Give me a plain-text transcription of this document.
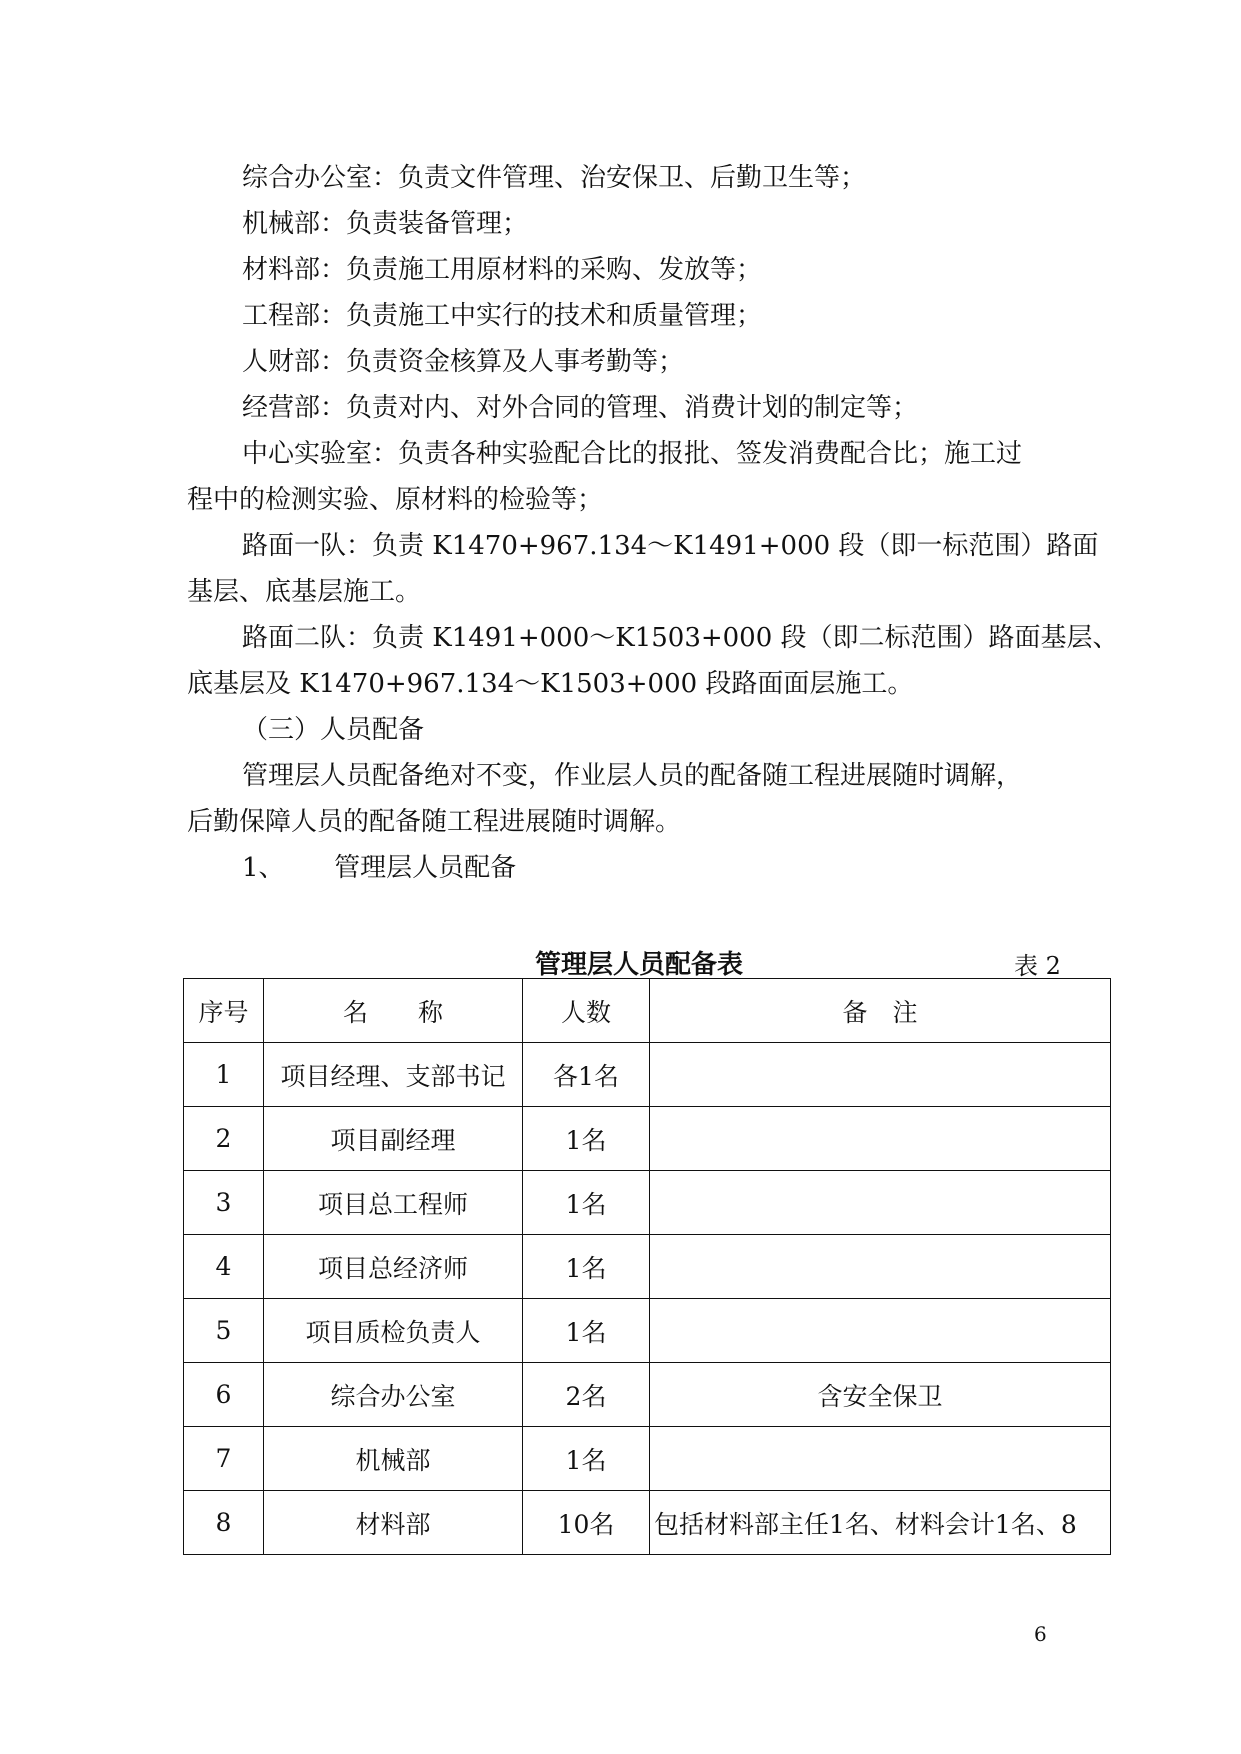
综合办公室：负责文件管理、治安保卫、后勤卫生等；
机械部：负责装备管理；
材料部：负责施工用原材料的采购、发放等；
工程部：负责施工中实行的技术和质量管理；
人财部：负责资金核算及人事考勤等；
经营部：负责对内、对外合同的管理、消费计划的制定等；
中心实验室：负责各种实验配合比的报批、签发消费配合比；施工过
程中的检测实验、原材料的检验等；
路面一队：负责 K1470+967.134～K1491+000 段（即一标范围）路面
基层、底基层施工。
路面二队：负责 K1491+000～K1503+000 段（即二标范围）路面基层、
底基层及 K1470+967.134～K1503+000 段路面面层施工。
（三）人员配备
管理层人员配备绝对不变，作业层人员的配备随工程进展随时调解，
后勤保障人员的配备随工程进展随时调解。
1、      管理层人员配备
管理层人员配备表	表 2
序号	名　　称	人数	备　注
1	项目经理、支部书记	各1名	
2	项目副经理	1名	
3	项目总工程师	1名	
4	项目总经济师	1名	
5	项目质检负责人	1名	
6	综合办公室	2名	含安全保卫
7	机械部	1名	
8	材料部	10名	包括材料部主任1名、材料会计1名、8
6
